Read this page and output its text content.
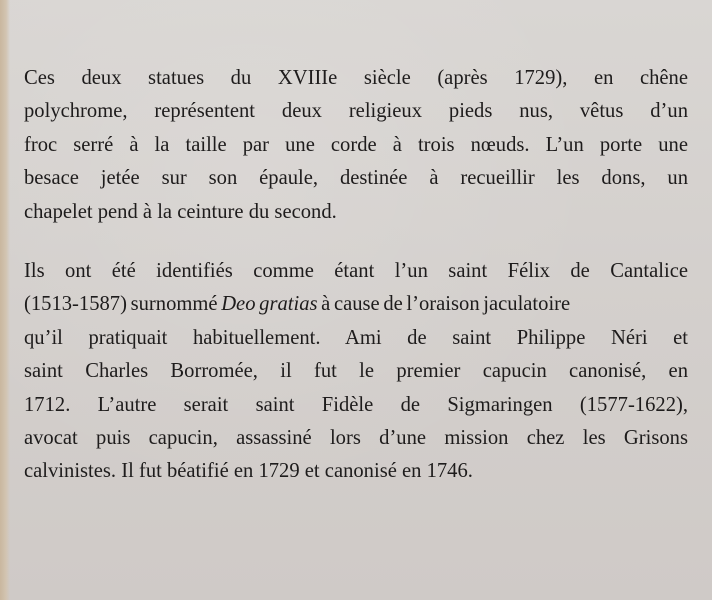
Ces deux statues du XVIIIe siècle (après 1729), en chêne
polychrome, représentent deux religieux pieds nus, vêtus d’un
froc serré à la taille par une corde à trois nœuds. L’un porte une
besace jetée sur son épaule, destinée à recueillir les dons, un
chapelet pend à la ceinture du second.

Ils ont été identifiés comme étant l’un saint Félix de Cantalice
(1513-1587) surnommé Deo gratias à cause de l’oraison jaculatoire
qu’il pratiquait habituellement. Ami de saint Philippe Néri et
saint Charles Borromée, il fut le premier capucin canonisé, en
1712. L’autre serait saint Fidèle de Sigmaringen (1577-1622),
avocat puis capucin, assassiné lors d’une mission chez les Grisons
calvinistes. Il fut béatifié en 1729 et canonisé en 1746.
